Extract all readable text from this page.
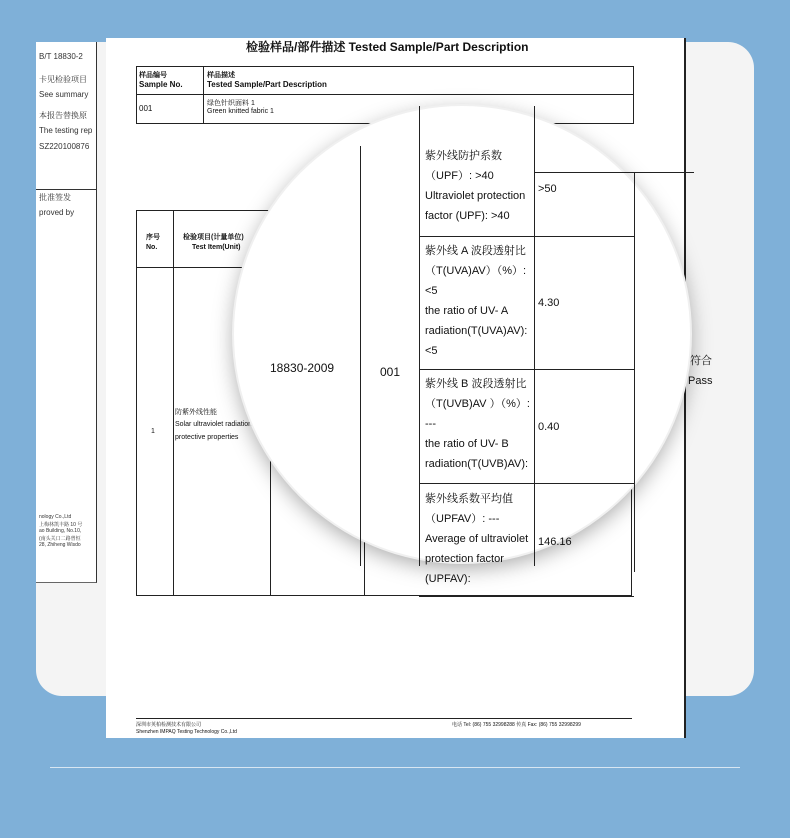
B/T 18830-2
卡见检验项目
See summary
本报告替换原
The testing rep
SZ220100876
批准签发
proved by
nology Co.,Ltd
上梅林凯丰路 10 号
ao Building, No.10,
(南头关口二路曾恒
28, Zhiheng Wisdo
检验样品/部件描述 Tested Sample/Part Description
样品编号
Sample No.
样品描述
Tested Sample/Part Description
001
绿色针织面料 1
Green knitted fabric 1
序号
No.
检验项目(计量单位)
Test Item(Unit)
1
防紫外线性能
Solar ultraviolet radiation
protective properties
深圳市英柏检测技术有限公司
Shenzhen IMPAQ Testing Technology Co.,Ltd
电话 Tel: (86) 755 32998288 传真 Fax: (86) 755 32998299
符合
Pass
18830-2009	001
紫外线防护系数
（UPF）: >40
Ultraviolet protection
factor (UPF): >40
>50
紫外线 A 波段透射比
（T(UVA)AV）（%）:
<5
the ratio of UV- A
radiation(T(UVA)AV):
<5
4.30
紫外线 B 波段透射比
（T(UVB)AV ）（%）:
---
the ratio of UV- B
radiation(T(UVB)AV):
0.40
紫外线系数平均值
（UPFAV）: ---
Average of ultraviolet
protection factor
(UPFAV):
146.16
